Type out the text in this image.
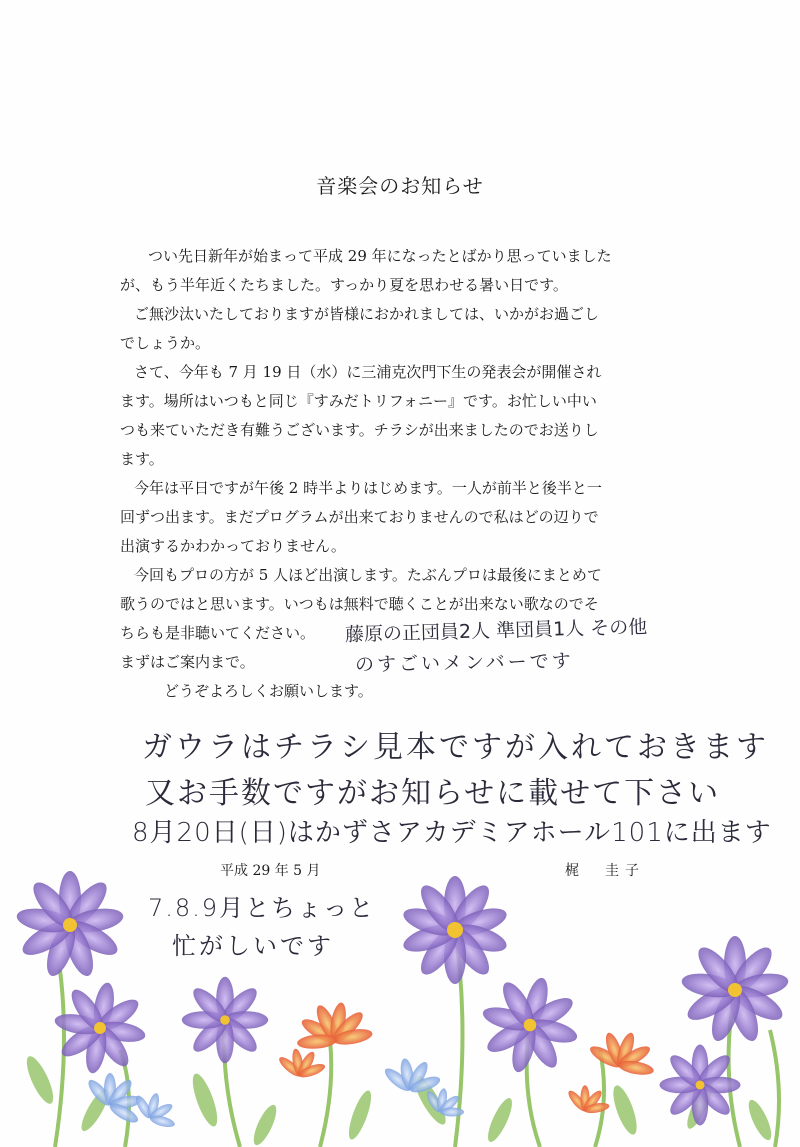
音楽会のお知らせ
つい先日新年が始まって平成 29 年になったとばかり思っていました
が、もう半年近くたちました。すっかり夏を思わせる暑い日です。
ご無沙汰いたしておりますが皆様におかれましては、いかがお過ごし
でしょうか。
さて、今年も 7 月 19 日（水）に三浦克次門下生の発表会が開催され
ます。場所はいつもと同じ『すみだトリフォニー』です。お忙しい中い
つも来ていただき有難うございます。チラシが出来ましたのでお送りし
ます。
今年は平日ですが午後 2 時半よりはじめます。一人が前半と後半と一
回ずつ出ます。まだプログラムが出来ておりませんので私はどの辺りで
出演するかわかっておりません。
今回もプロの方が 5 人ほど出演します。たぶんプロは最後にまとめて
歌うのではと思います。いつもは無料で聴くことが出来ない歌なのでそ
ちらも是非聴いてください。
まずはご案内まで。
どうぞよろしくお願いします。
藤原の正団員2人 準団員1人 その他
のすごいメンバーです
ガウラはチラシ見本ですが入れておきます
又お手数ですがお知らせに載せて下さい
8月20日(日)はかずさアカデミアホール101に出ます
7.8.9月とちょっと
忙がしいです
平成 29 年 5 月	梶　圭子
